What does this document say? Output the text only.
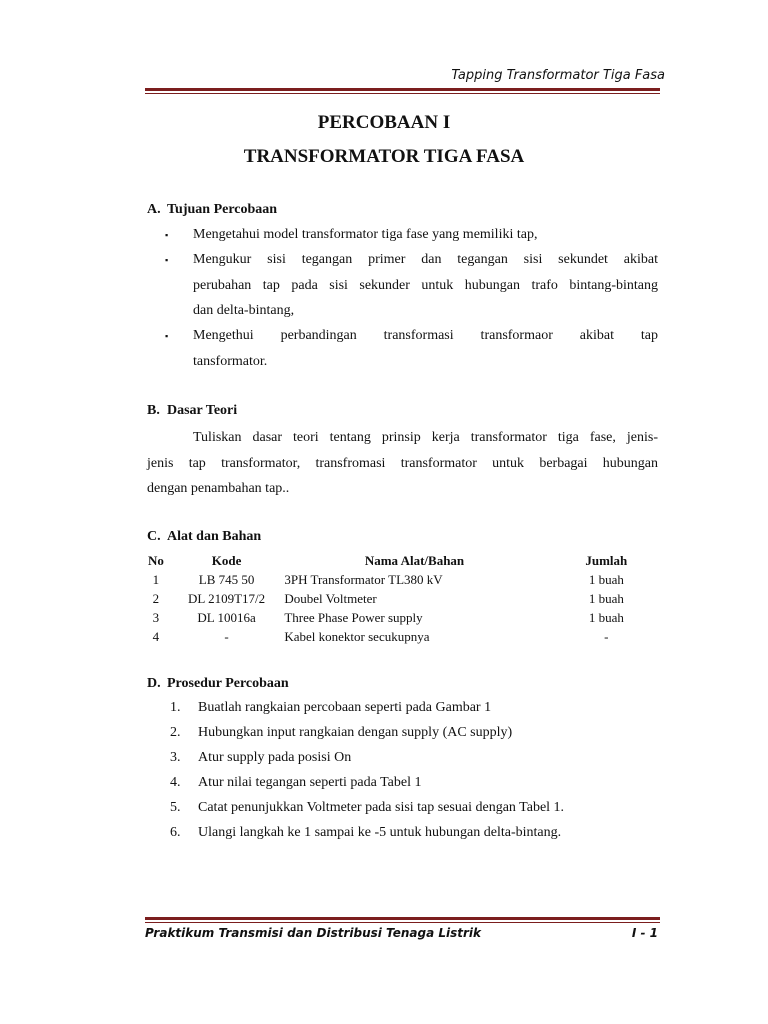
Tapping Transformator Tiga Fasa
PERCOBAAN I
TRANSFORMATOR TIGA FASA
A. Tujuan Percobaan
▪ Mengetahui model transformator tiga fase yang memiliki tap,
▪ Mengukur sisi tegangan primer dan tegangan sisi sekundet akibat
perubahan tap pada sisi sekunder untuk hubungan trafo bintang-bintang
dan delta-bintang,
▪ Mengethui perbandingan transformasi transformaor akibat tap
tansformator.
B. Dasar Teori
Tuliskan dasar teori tentang prinsip kerja transformator tiga fase, jenis-
jenis tap transformator, transfromasi transformator untuk berbagai hubungan
dengan penambahan tap..
C. Alat dan Bahan
No	Kode	Nama Alat/Bahan	Jumlah
1	LB 745 50	3PH Transformator TL380 kV	1 buah
2	DL 2109T17/2	Doubel Voltmeter	1 buah
3	DL 10016a	Three Phase Power supply	1 buah
4	-	Kabel konektor secukupnya	-
D. Prosedur Percobaan
1. Buatlah rangkaian percobaan seperti pada Gambar 1
2. Hubungkan input rangkaian dengan supply (AC supply)
3. Atur supply pada posisi On
4. Atur nilai tegangan seperti pada Tabel 1
5. Catat penunjukkan Voltmeter pada sisi tap sesuai dengan Tabel 1.
6. Ulangi langkah ke 1 sampai ke -5 untuk hubungan delta-bintang.
Praktikum Transmisi dan Distribusi Tenaga Listrik	I - 1
